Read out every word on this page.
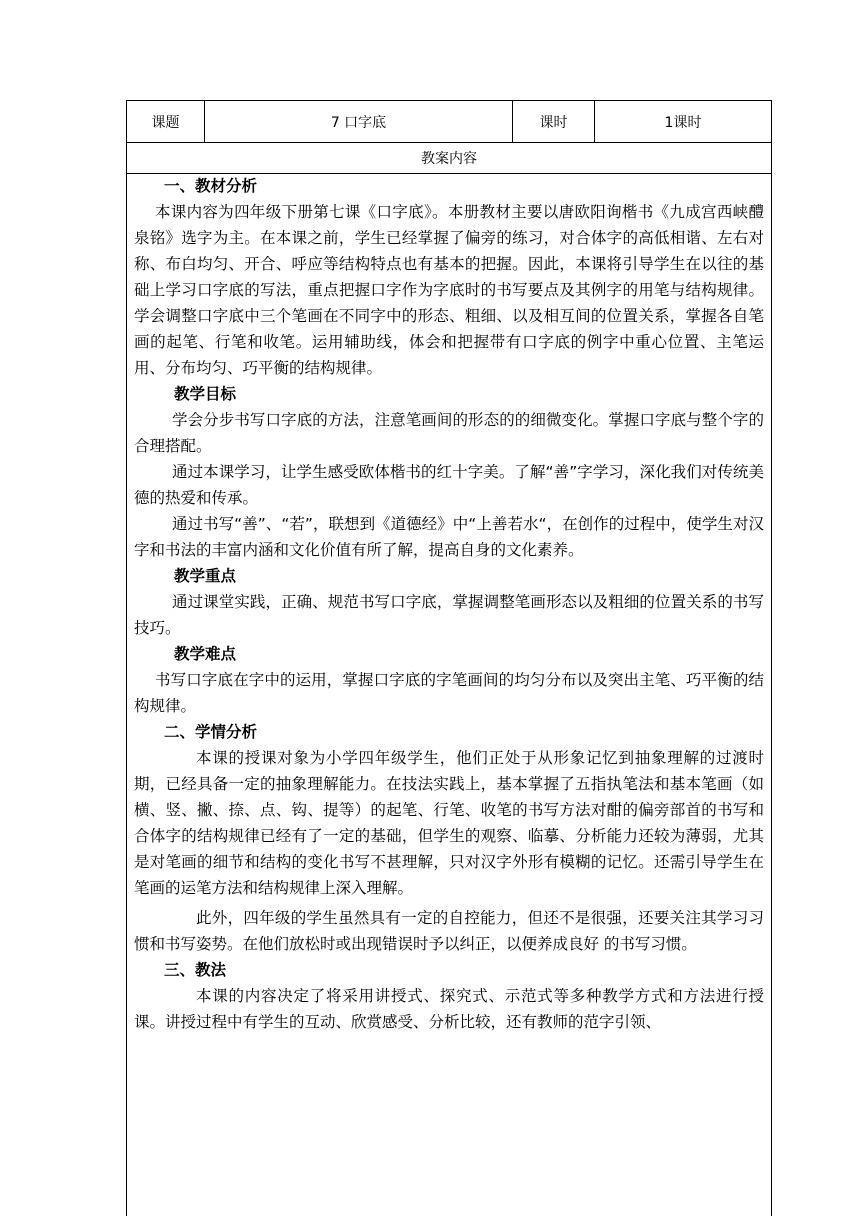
课题	7 口字底	课时	1课时
教案内容

一、教材分析

本课内容为四年级下册第七课《口字底》。本册教材主要以唐欧阳询楷书《九成宫西峡醴泉铭》选字为主。在本课之前，学生已经掌握了偏旁的练习，对合体字的高低相谐、左右对称、布白均匀、开合、呼应等结构特点也有基本的把握。因此，本课将引导学生在以往的基础上学习口字底的写法，重点把握口字作为字底时的书写要点及其例字的用笔与结构规律。学会调整口字底中三个笔画在不同字中的形态、粗细、以及相互间的位置关系，掌握各自笔画的起笔、行笔和收笔。运用辅助线，体会和把握带有口字底的例字中重心位置、主笔运用、分布均匀、巧平衡的结构规律。

教学目标

学会分步书写口字底的方法，注意笔画间的形态的的细微变化。掌握口字底与整个字的合理搭配。

通过本课学习，让学生感受欧体楷书的红十字美。了解“善”字学习，深化我们对传统美德的热爱和传承。

通过书写“善”、“若”，联想到《道德经》中“上善若水“，在创作的过程中，使学生对汉字和书法的丰富内涵和文化价值有所了解，提高自身的文化素养。

教学重点

通过课堂实践，正确、规范书写口字底，掌握调整笔画形态以及粗细的位置关系的书写技巧。

教学难点

书写口字底在字中的运用，掌握口字底的字笔画间的均匀分布以及突出主笔、巧平衡的结构规律。

二、学情分析

本课的授课对象为小学四年级学生，他们正处于从形象记忆到抽象理解的过渡时期，已经具备一定的抽象理解能力。在技法实践上，基本掌握了五指执笔法和基本笔画（如横、竖、撇、捺、点、钩、提等）的起笔、行笔、收笔的书写方法对酣的偏旁部首的书写和合体字的结构规律已经有了一定的基础，但学生的观察、临摹、分析能力还较为薄弱，尤其是对笔画的细节和结构的变化书写不甚理解，只对汉字外形有模糊的记忆。还需引导学生在笔画的运笔方法和结构规律上深入理解。

此外，四年级的学生虽然具有一定的自控能力，但还不是很强，还要关注其学习习惯和书写姿势。在他们放松时或出现错误时予以纠正，以便养成良好 的书写习惯。

三、教法

本课的内容决定了将采用讲授式、探究式、示范式等多种教学方式和方法进行授课。讲授过程中有学生的互动、欣赏感受、分析比较，还有教师的范字引领、
